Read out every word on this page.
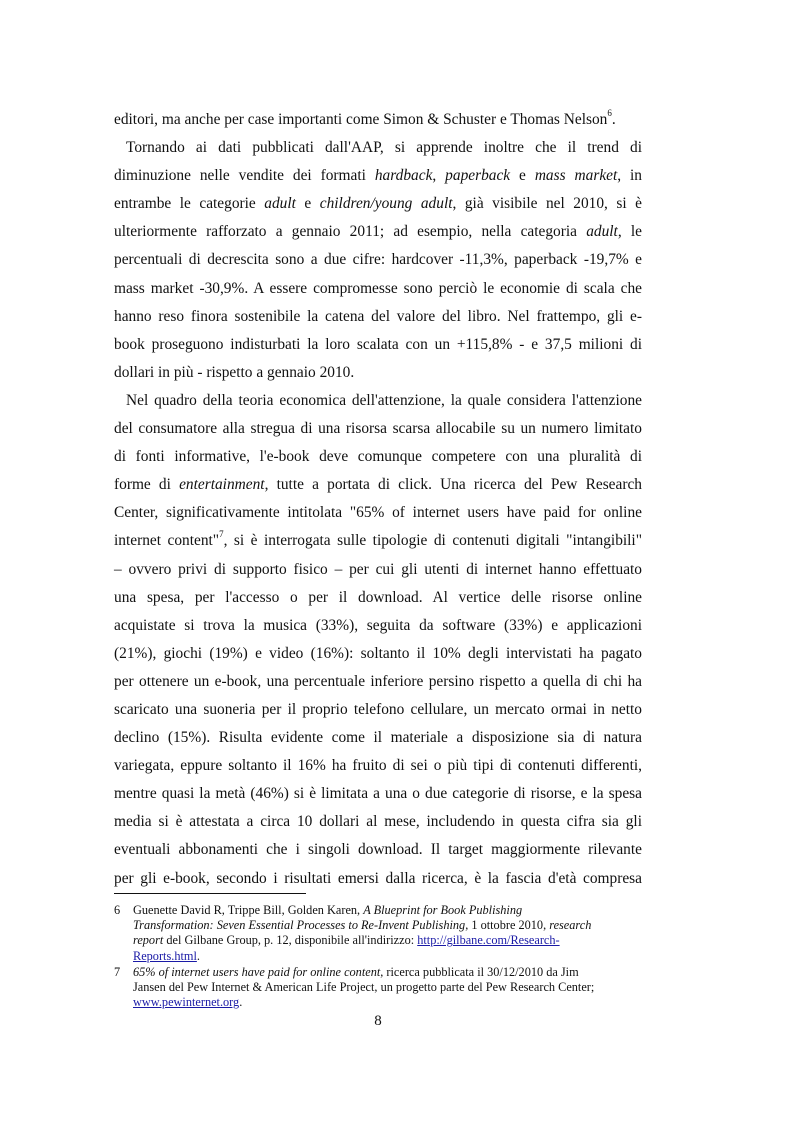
editori, ma anche per case importanti come Simon & Schuster e Thomas Nelson$^6$.

Tornando ai dati pubblicati dall'AAP, si apprende inoltre che il trend di

diminuzione nelle vendite dei formati hardback, paperback e mass market, in

entrambe le categorie adult e children/young adult, già visibile nel 2010, si è

ulteriormente rafforzato a gennaio 2011; ad esempio, nella categoria adult, le

percentuali di decrescita sono a due cifre: hardcover -11,3%, paperback -19,7% e

mass market -30,9%. A essere compromesse sono perciò le economie di scala che

hanno reso finora sostenibile la catena del valore del libro. Nel frattempo, gli e-

book proseguono indisturbati la loro scalata con un +115,8% - e 37,5 milioni di

dollari in più - rispetto a gennaio 2010.

Nel quadro della teoria economica dell'attenzione, la quale considera l'attenzione

del consumatore alla stregua di una risorsa scarsa allocabile su un numero limitato

di fonti informative, l'e-book deve comunque competere con una pluralità di

forme di entertainment, tutte a portata di click. Una ricerca del Pew Research

Center, significativamente intitolata "65% of internet users have paid for online

internet content"$^7$, si è interrogata sulle tipologie di contenuti digitali "intangibili"

– ovvero privi di supporto fisico – per cui gli utenti di internet hanno effettuato

una spesa, per l'accesso o per il download. Al vertice delle risorse online

acquistate si trova la musica (33%), seguita da software (33%) e applicazioni

(21%), giochi (19%) e video (16%): soltanto il 10% degli intervistati ha pagato

per ottenere un e-book, una percentuale inferiore persino rispetto a quella di chi ha

scaricato una suoneria per il proprio telefono cellulare, un mercato ormai in netto

declino (15%). Risulta evidente come il materiale a disposizione sia di natura

variegata, eppure soltanto il 16% ha fruito di sei o più tipi di contenuti differenti,

mentre quasi la metà (46%) si è limitata a una o due categorie di risorse, e la spesa

media si è attestata a circa 10 dollari al mese, includendo in questa cifra sia gli

eventuali abbonamenti che i singoli download. Il target maggiormente rilevante

per gli e-book, secondo i risultati emersi dalla ricerca, è la fascia d'età compresa

6 Guenette David R, Tripp‎e Bill, Golden Karen, A Blueprint for Book Publishing
Transformation: Seven Essential Processes to Re-Invent Publishing, 1 ottobre 2010, research
report del Gilbane Group, p. 12, disponibile all'indirizzo: http://gilbane.com/Research-
Reports.html.
7 65% of internet users have paid for online content, ricerca pubblicata il 30/12/2010 da Jim
Jansen del Pew Internet & American Life Project, un progetto parte del Pew Research Center;
www.pewinternet.org.
8
